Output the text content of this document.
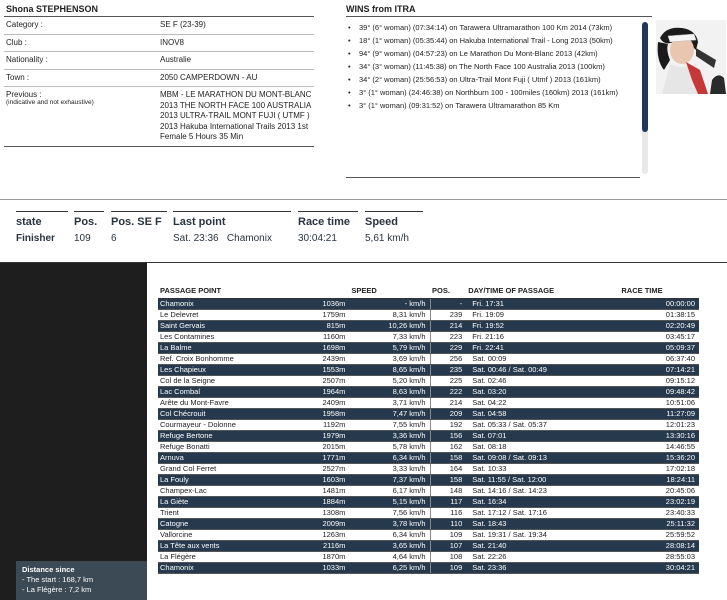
Shona STEPHENSON
Category :	SE F (23-39)
Club :	INOV8
Nationality :	Australie
Town :	2050 CAMPERDOWN - AU
Previous :
(indicative and not exhaustive)
MBM - LE MARATHON DU MONT-BLANC 2013 THE NORTH FACE 100 AUSTRALIA 2013 ULTRA-TRAIL MONT FUJI ( UTMF ) 2013 Hakuba International Trails 2013 1st Female 5 Hours 35 Min
WINS from ITRA
• 39° (6° woman) (07:34:14) on Tarawera Ultramarathon 100 Km 2014 (73km)
• 18° (1° woman) (05:35:44) on Hakuba International Trail - Long 2013 (50km)
• 94° (9° woman) (04:57:23) on Le Marathon Du Mont-Blanc 2013 (42km)
• 34° (3° woman) (11:45:38) on The North Face 100 Australia 2013 (100km)
• 34° (2° woman) (25:56:53) on Ultra-Trail Mont Fuji ( Utmf ) 2013 (161km)
• 3° (1° woman) (24:46:38) on Northburn 100 - 100miles (160km) 2013 (161km)
• 3° (1° woman) (09:31:52) on Tarawera Ultramarathon 85 Km
state
Finisher
Pos.
109
Pos. SE F
6
Last point
Sat. 23:36   Chamonix
Race time
30:04:21
Speed
5,61 km/h
Distance since
- The start : 168,7 km
- La Flégère : 7,2 km
PASSAGE POINT		SPEED	POS.	DAY/TIME OF PASSAGE	RACE TIME
Chamonix	1036m	- km/h	-	Fri. 17:31	00:00:00
Le Delevret	1759m	8,31 km/h	239	Fri. 19:09	01:38:15
Saint Gervais	815m	10,26 km/h	214	Fri. 19:52	02:20:49
Les Contamines	1160m	7,33 km/h	223	Fri. 21:16	03:45:17
La Balme	1698m	5,79 km/h	229	Fri. 22:41	05:09:37
Ref. Croix Bonhomme	2439m	3,69 km/h	256	Sat. 00:09	06:37:40
Les Chapieux	1553m	8,65 km/h	235	Sat. 00:46 / Sat. 00:49	07:14:21
Col de la Seigne	2507m	5,20 km/h	225	Sat. 02:46	09:15:12
Lac Combal	1964m	8,63 km/h	222	Sat. 03:20	09:48:42
Arête du Mont-Favre	2409m	3,71 km/h	214	Sat. 04:22	10:51:06
Col Chécrouit	1958m	7,47 km/h	209	Sat. 04:58	11:27:09
Courmayeur - Dolonne	1192m	7,55 km/h	192	Sat. 05:33 / Sat. 05:37	12:01:23
Refuge Bertone	1979m	3,36 km/h	156	Sat. 07:01	13:30:16
Refuge Bonatti	2015m	5,78 km/h	162	Sat. 08:18	14:46:55
Arnuva	1771m	6,34 km/h	158	Sat. 09:08 / Sat. 09:13	15:36:20
Grand Col Ferret	2527m	3,33 km/h	164	Sat. 10:33	17:02:18
La Fouly	1603m	7,37 km/h	158	Sat. 11:55 / Sat. 12:00	18:24:11
Champex-Lac	1481m	6,17 km/h	148	Sat. 14:16 / Sat. 14:23	20:45:06
La Giète	1884m	5,15 km/h	117	Sat. 16:34	23:02:19
Trient	1308m	7,56 km/h	116	Sat. 17:12 / Sat. 17:16	23:40:33
Catogne	2009m	3,78 km/h	110	Sat. 18:43	25:11:32
Vallorcine	1263m	6,34 km/h	109	Sat. 19:31 / Sat. 19:34	25:59:52
La Tête aux vents	2116m	3,65 km/h	107	Sat. 21:40	28:08:14
La Flégère	1870m	4,64 km/h	108	Sat. 22:26	28:55:03
Chamonix	1033m	6,25 km/h	109	Sat. 23:36	30:04:21
